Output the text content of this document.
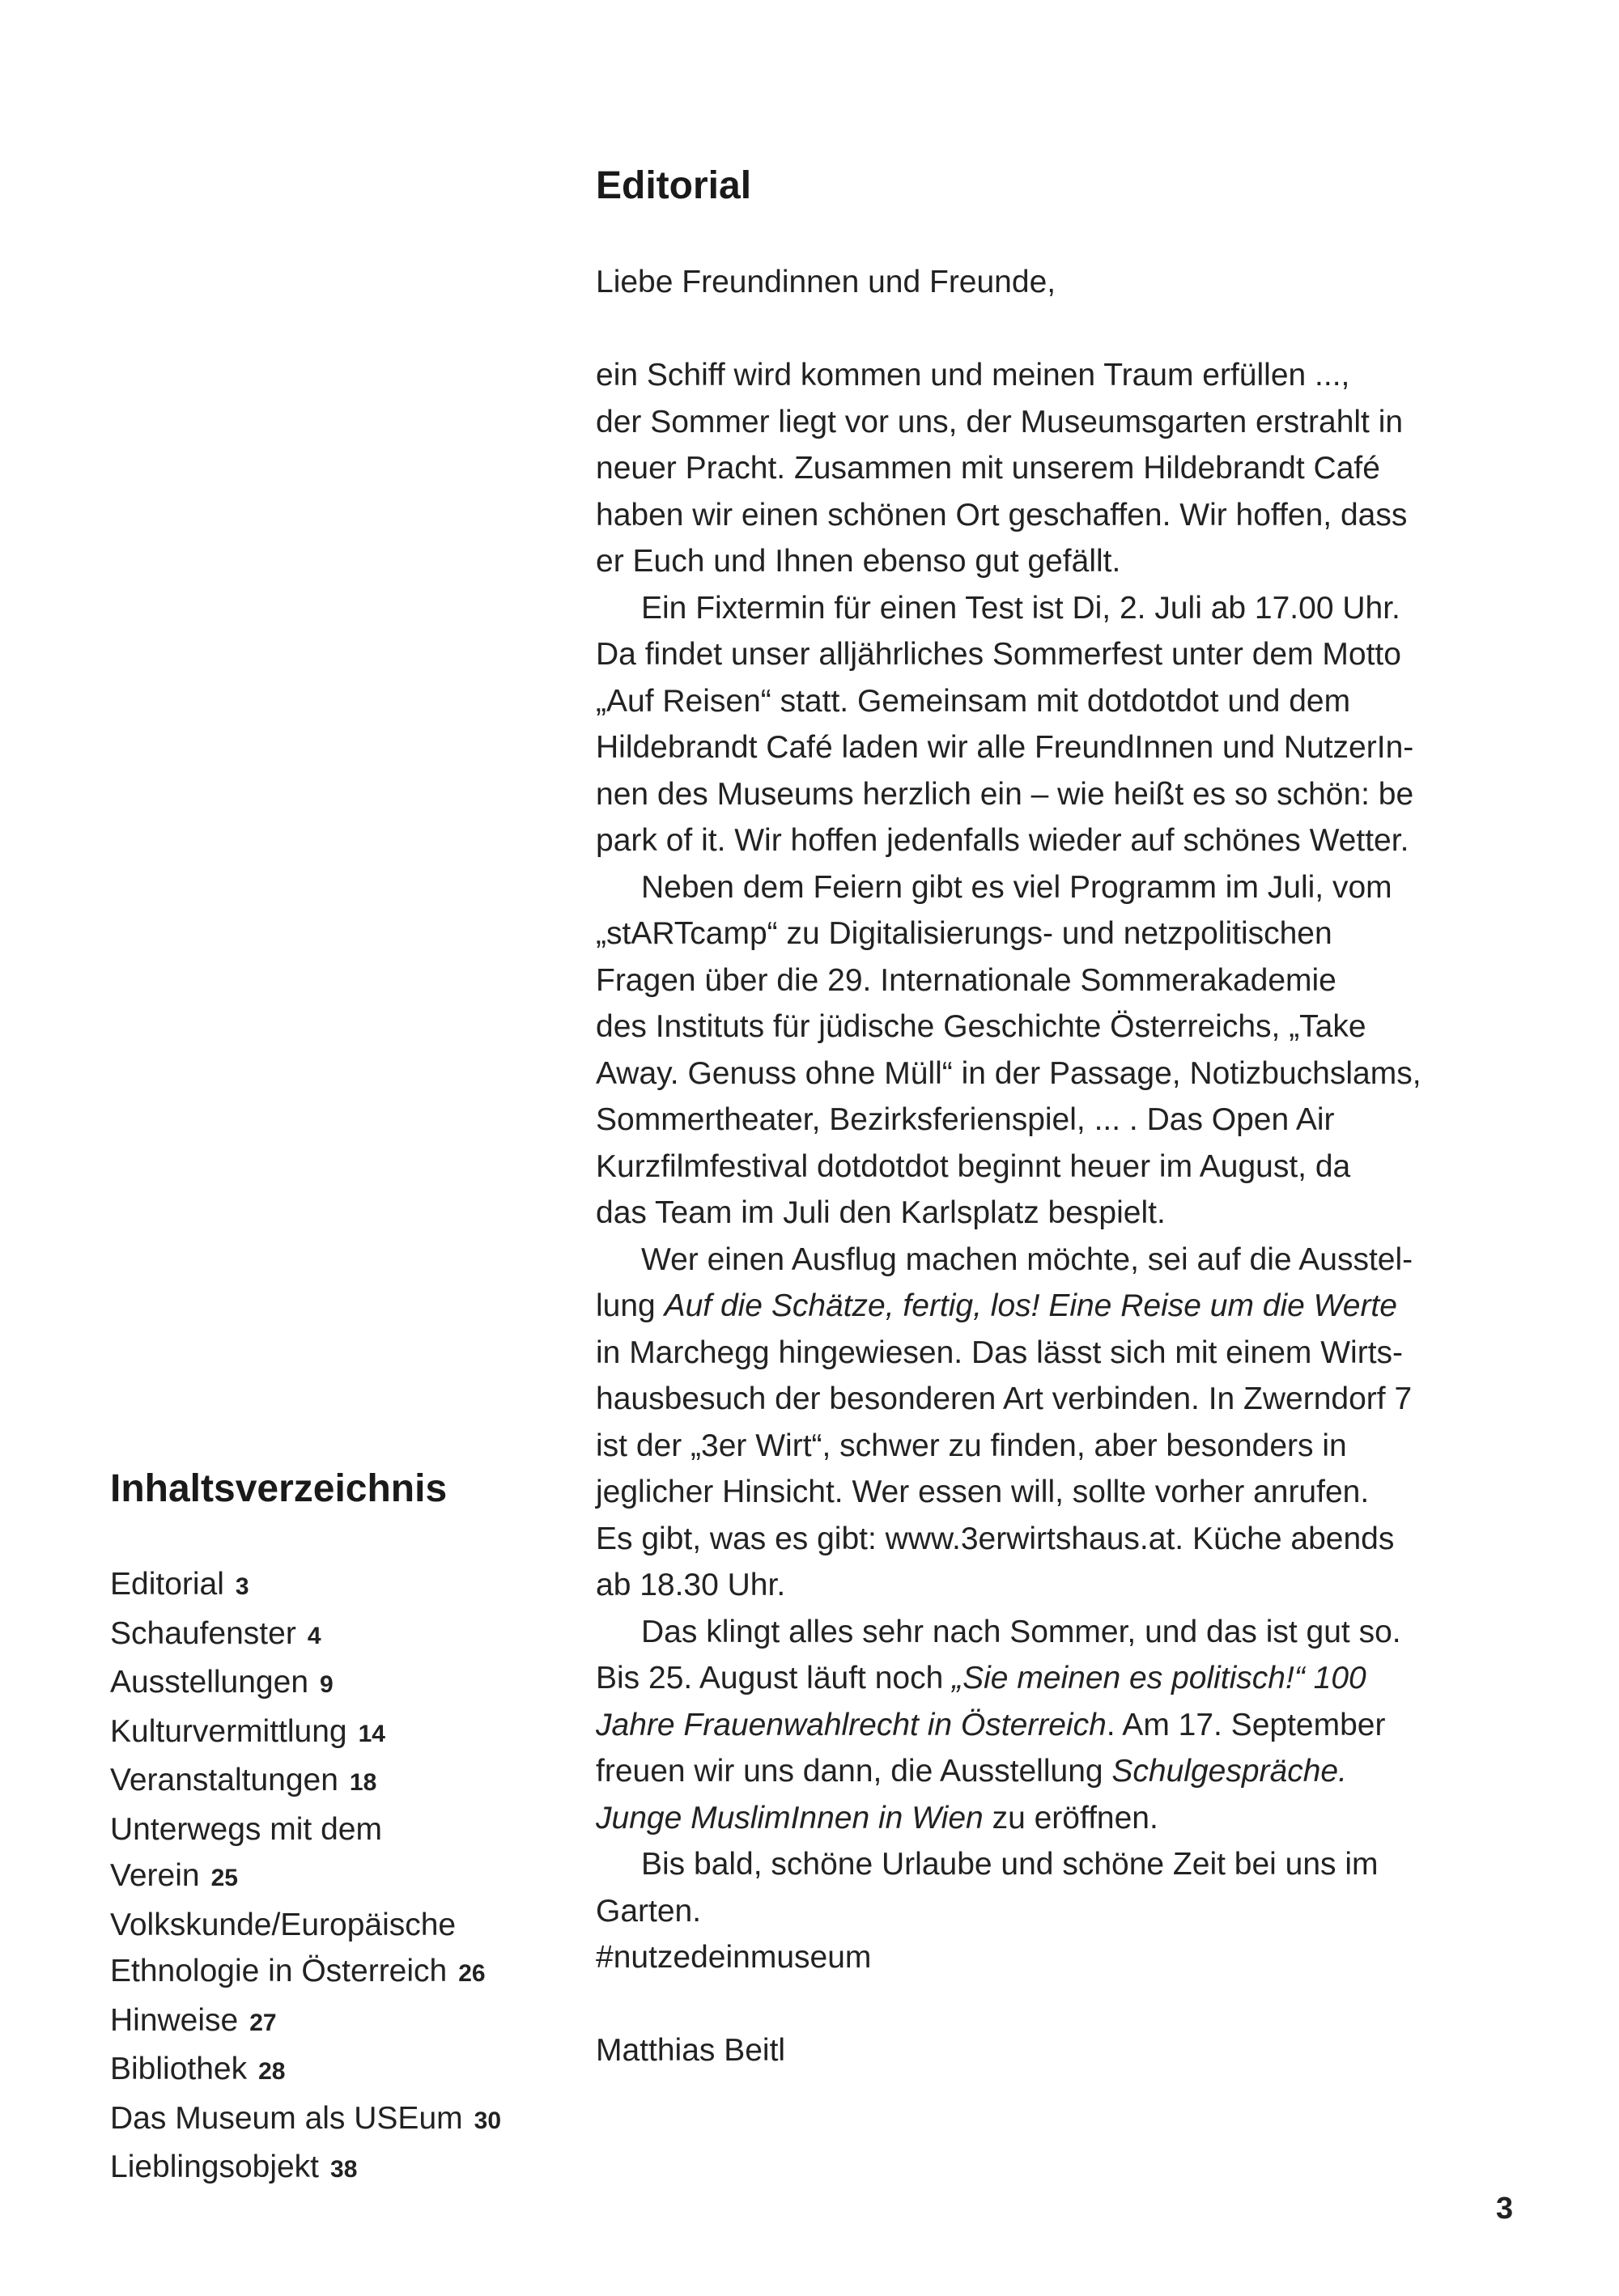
Editorial
Liebe Freundinnen und Freunde,
ein Schiff wird kommen und meinen Traum erfüllen ...,
der Sommer liegt vor uns, der Museumsgarten erstrahlt in
neuer Pracht. Zusammen mit unserem Hildebrandt Café
haben wir einen schönen Ort geschaffen. Wir hoffen, dass
er Euch und Ihnen ebenso gut gefällt.
Ein Fixtermin für einen Test ist Di, 2. Juli ab 17.00 Uhr.
Da findet unser alljährliches Sommerfest unter dem Motto
„Auf Reisen“ statt. Gemeinsam mit dotdotdot und dem
Hildebrandt Café laden wir alle FreundInnen und NutzerIn-
nen des Museums herzlich ein – wie heißt es so schön: be
park of it. Wir hoffen jedenfalls wieder auf schönes Wetter.
Neben dem Feiern gibt es viel Programm im Juli, vom
„stARTcamp“ zu Digitalisierungs- und netzpolitischen
Fragen über die 29. Internationale Sommerakademie
des Instituts für jüdische Geschichte Österreichs, „Take
Away. Genuss ohne Müll“ in der Passage, Notizbuchslams,
Sommertheater, Bezirksferienspiel, ... . Das Open Air
Kurzfilmfestival dotdotdot beginnt heuer im August, da
das Team im Juli den Karlsplatz bespielt.
Wer einen Ausflug machen möchte, sei auf die Ausstel-
lung Auf die Schätze, fertig, los! Eine Reise um die Werte
in Marchegg hingewiesen. Das lässt sich mit einem Wirts-
hausbesuch der besonderen Art verbinden. In Zwerndorf 7
ist der „3er Wirt“, schwer zu finden, aber besonders in
jeglicher Hinsicht. Wer essen will, sollte vorher anrufen.
Es gibt, was es gibt: www.3erwirtshaus.at. Küche abends
ab 18.30 Uhr.
Das klingt alles sehr nach Sommer, und das ist gut so.
Bis 25. August läuft noch „Sie meinen es politisch!“ 100
Jahre Frauenwahlrecht in Österreich. Am 17. September
freuen wir uns dann, die Ausstellung Schulgespräche.
Junge MuslimInnen in Wien zu eröffnen.
Bis bald, schöne Urlaube und schöne Zeit bei uns im
Garten.
#nutzedeinmuseum
Matthias Beitl
Inhaltsverzeichnis
Editorial 3
Schaufenster 4
Ausstellungen 9
Kulturvermittlung 14
Veranstaltungen 18
Unterwegs mit dem
Verein 25
Volkskunde/Europäische
Ethnologie in Österreich 26
Hinweise 27
Bibliothek 28
Das Museum als USEum 30
Lieblingsobjekt 38
3
